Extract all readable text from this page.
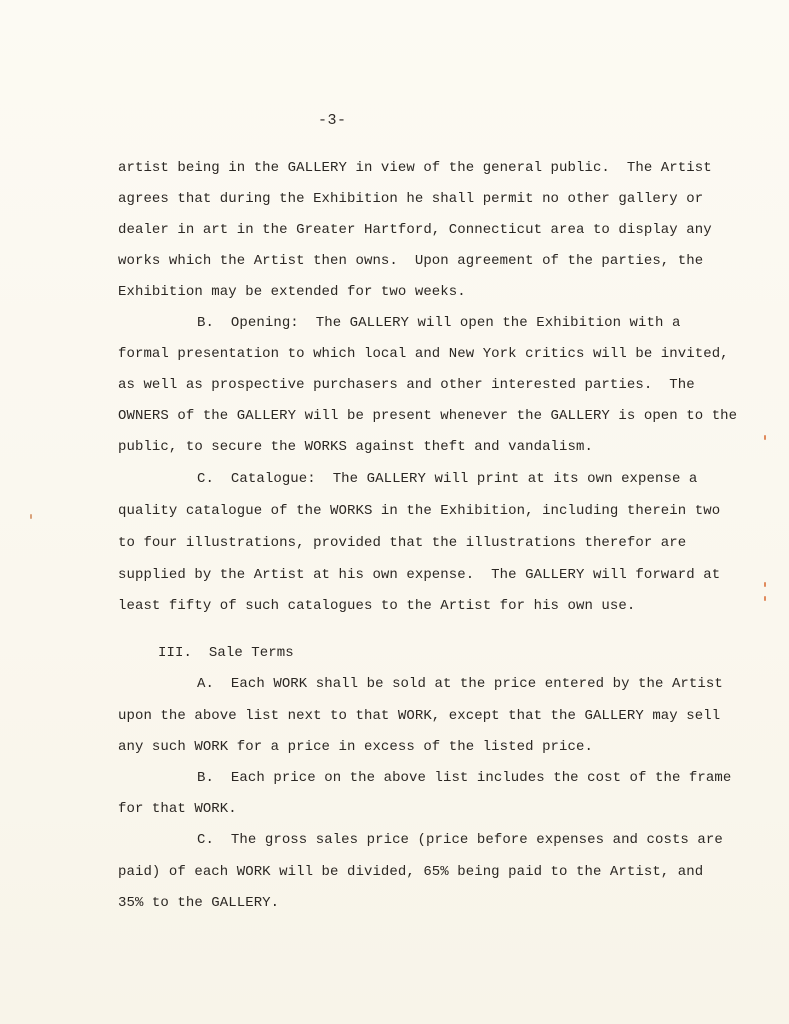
-3-
artist being in the GALLERY in view of the general public.  The Artist
agrees that during the Exhibition he shall permit no other gallery or
dealer in art in the Greater Hartford, Connecticut area to display any
works which the Artist then owns.  Upon agreement of the parties, the
Exhibition may be extended for two weeks.
B.  Opening:  The GALLERY will open the Exhibition with a
formal presentation to which local and New York critics will be invited,
as well as prospective purchasers and other interested parties.  The
OWNERS of the GALLERY will be present whenever the GALLERY is open to the
public, to secure the WORKS against theft and vandalism.
C.  Catalogue:  The GALLERY will print at its own expense a
quality catalogue of the WORKS in the Exhibition, including therein two
to four illustrations, provided that the illustrations therefor are
supplied by the Artist at his own expense.  The GALLERY will forward at
least fifty of such catalogues to the Artist for his own use.
III.  Sale Terms
A.  Each WORK shall be sold at the price entered by the Artist
upon the above list next to that WORK, except that the GALLERY may sell
any such WORK for a price in excess of the listed price.
B.  Each price on the above list includes the cost of the frame
for that WORK.
C.  The gross sales price (price before expenses and costs are
paid) of each WORK will be divided, 65% being paid to the Artist, and
35% to the GALLERY.
